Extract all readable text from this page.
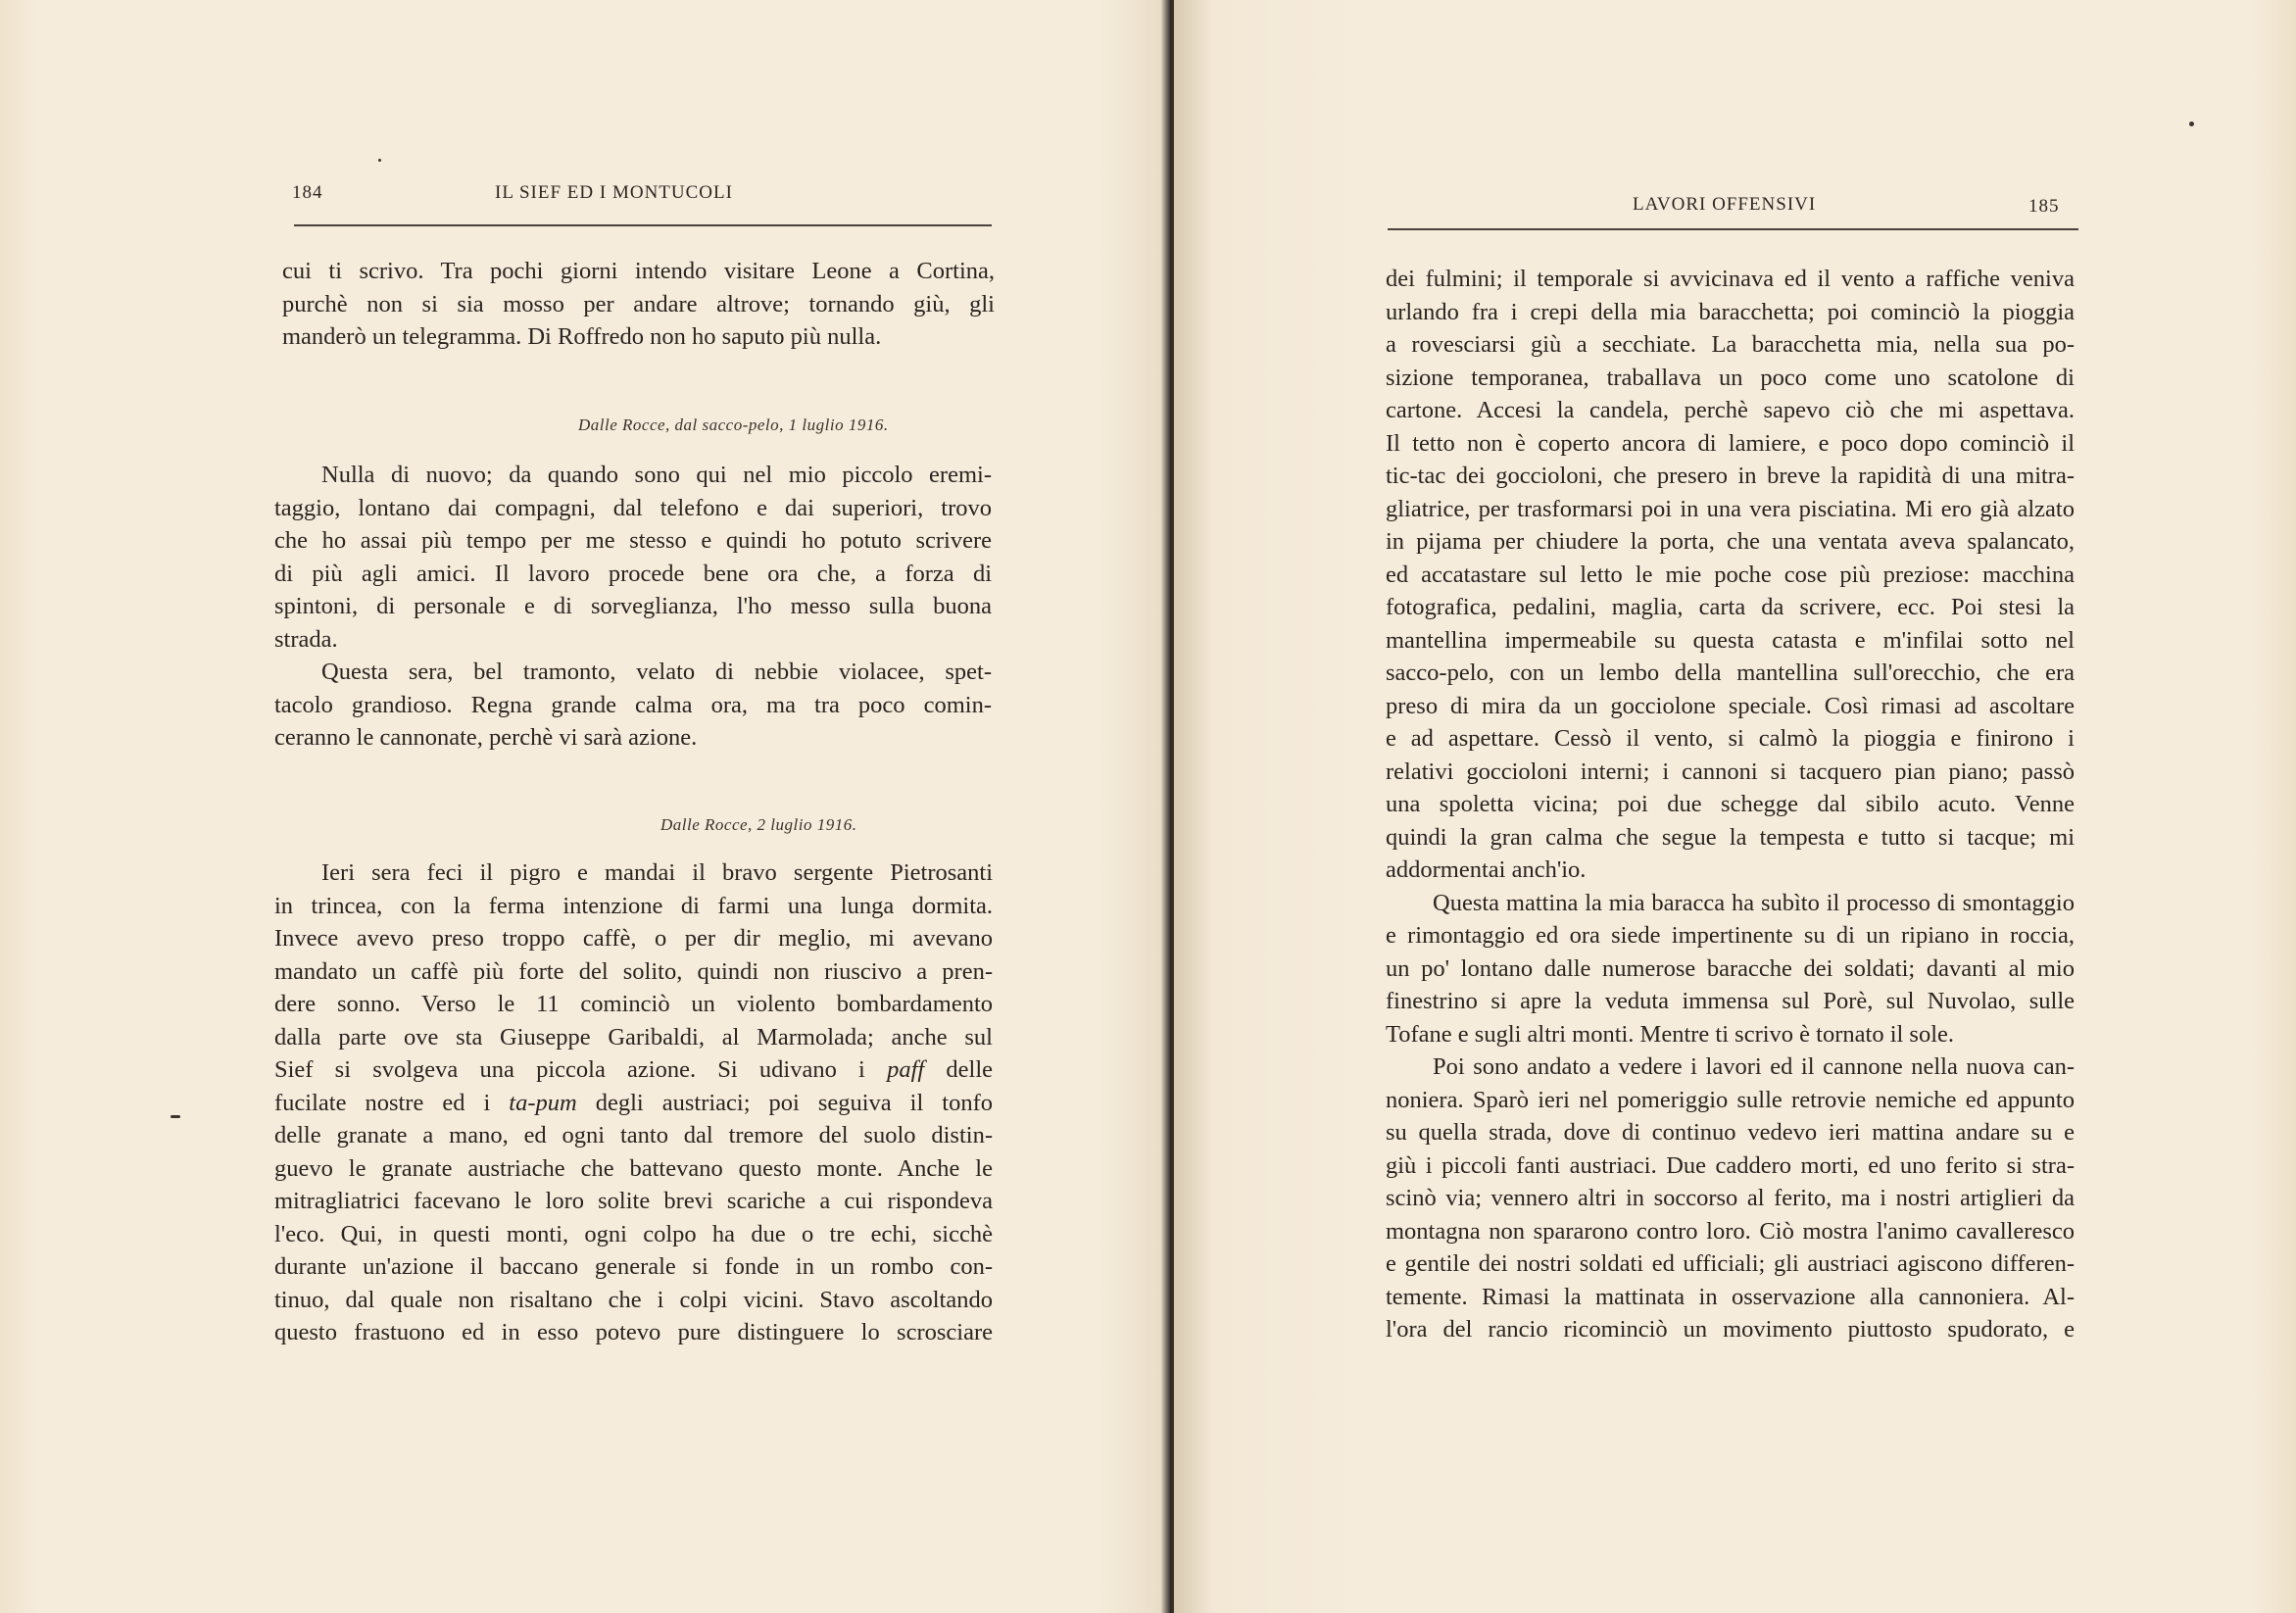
184	IL SIEF ED I MONTUCOLI
cui ti scrivo. Tra pochi giorni intendo visitare Leone a Cortina,
purchè non si sia mosso per andare altrove; tornando giù, gli
manderò un telegramma. Di Roffredo non ho saputo più nulla.
Dalle Rocce, dal sacco-pelo, 1 luglio 1916.
Nulla di nuovo; da quando sono qui nel mio piccolo eremi-
taggio, lontano dai compagni, dal telefono e dai superiori, trovo
che ho assai più tempo per me stesso e quindi ho potuto scrivere
di più agli amici. Il lavoro procede bene ora che, a forza di
spintoni, di personale e di sorveglianza, l'ho messo sulla buona
strada.
Questa sera, bel tramonto, velato di nebbie violacee, spet-
tacolo grandioso. Regna grande calma ora, ma tra poco comin-
ceranno le cannonate, perchè vi sarà azione.
Dalle Rocce, 2 luglio 1916.
Ieri sera feci il pigro e mandai il bravo sergente Pietrosanti
in trincea, con la ferma intenzione di farmi una lunga dormita.
Invece avevo preso troppo caffè, o per dir meglio, mi avevano
mandato un caffè più forte del solito, quindi non riuscivo a pren-
dere sonno. Verso le 11 cominciò un violento bombardamento
dalla parte ove sta Giuseppe Garibaldi, al Marmolada; anche sul
Sief si svolgeva una piccola azione. Si udivano i paff delle
fucilate nostre ed i ta-pum degli austriaci; poi seguiva il tonfo
delle granate a mano, ed ogni tanto dal tremore del suolo distin-
guevo le granate austriache che battevano questo monte. Anche le
mitragliatrici facevano le loro solite brevi scariche a cui rispondeva
l'eco. Qui, in questi monti, ogni colpo ha due o tre echi, sicchè
durante un'azione il baccano generale si fonde in un rombo con-
tinuo, dal quale non risaltano che i colpi vicini. Stavo ascoltando
questo frastuono ed in esso potevo pure distinguere lo scrosciare
LAVORI OFFENSIVI	185
dei fulmini; il temporale si avvicinava ed il vento a raffiche veniva
urlando fra i crepi della mia baracchetta; poi cominciò la pioggia
a rovesciarsi giù a secchiate. La baracchetta mia, nella sua po-
sizione temporanea, traballava un poco come uno scatolone di
cartone. Accesi la candela, perchè sapevo ciò che mi aspettava.
Il tetto non è coperto ancora di lamiere, e poco dopo cominciò il
tic-tac dei goccioloni, che presero in breve la rapidità di una mitra-
gliatrice, per trasformarsi poi in una vera pisciatina. Mi ero già alzato
in pijama per chiudere la porta, che una ventata aveva spalancato,
ed accatastare sul letto le mie poche cose più preziose: macchina
fotografica, pedalini, maglia, carta da scrivere, ecc. Poi stesi la
mantellina impermeabile su questa catasta e m'infilai sotto nel
sacco-pelo, con un lembo della mantellina sull'orecchio, che era
preso di mira da un gocciolone speciale. Così rimasi ad ascoltare
e ad aspettare. Cessò il vento, si calmò la pioggia e finirono i
relativi goccioloni interni; i cannoni si tacquero pian piano; passò
una spoletta vicina; poi due schegge dal sibilo acuto. Venne
quindi la gran calma che segue la tempesta e tutto si tacque; mi
addormentai anch'io.
Questa mattina la mia baracca ha subìto il processo di smontaggio
e rimontaggio ed ora siede impertinente su di un ripiano in roccia,
un po' lontano dalle numerose baracche dei soldati; davanti al mio
finestrino si apre la veduta immensa sul Porè, sul Nuvolao, sulle
Tofane e sugli altri monti. Mentre ti scrivo è tornato il sole.
Poi sono andato a vedere i lavori ed il cannone nella nuova can-
noniera. Sparò ieri nel pomeriggio sulle retrovie nemiche ed appunto
su quella strada, dove di continuo vedevo ieri mattina andare su e
giù i piccoli fanti austriaci. Due caddero morti, ed uno ferito si stra-
scinò via; vennero altri in soccorso al ferito, ma i nostri artiglieri da
montagna non spararono contro loro. Ciò mostra l'animo cavalleresco
e gentile dei nostri soldati ed ufficiali; gli austriaci agiscono differen-
temente. Rimasi la mattinata in osservazione alla cannoniera. Al-
l'ora del rancio ricominciò un movimento piuttosto spudorato, e
